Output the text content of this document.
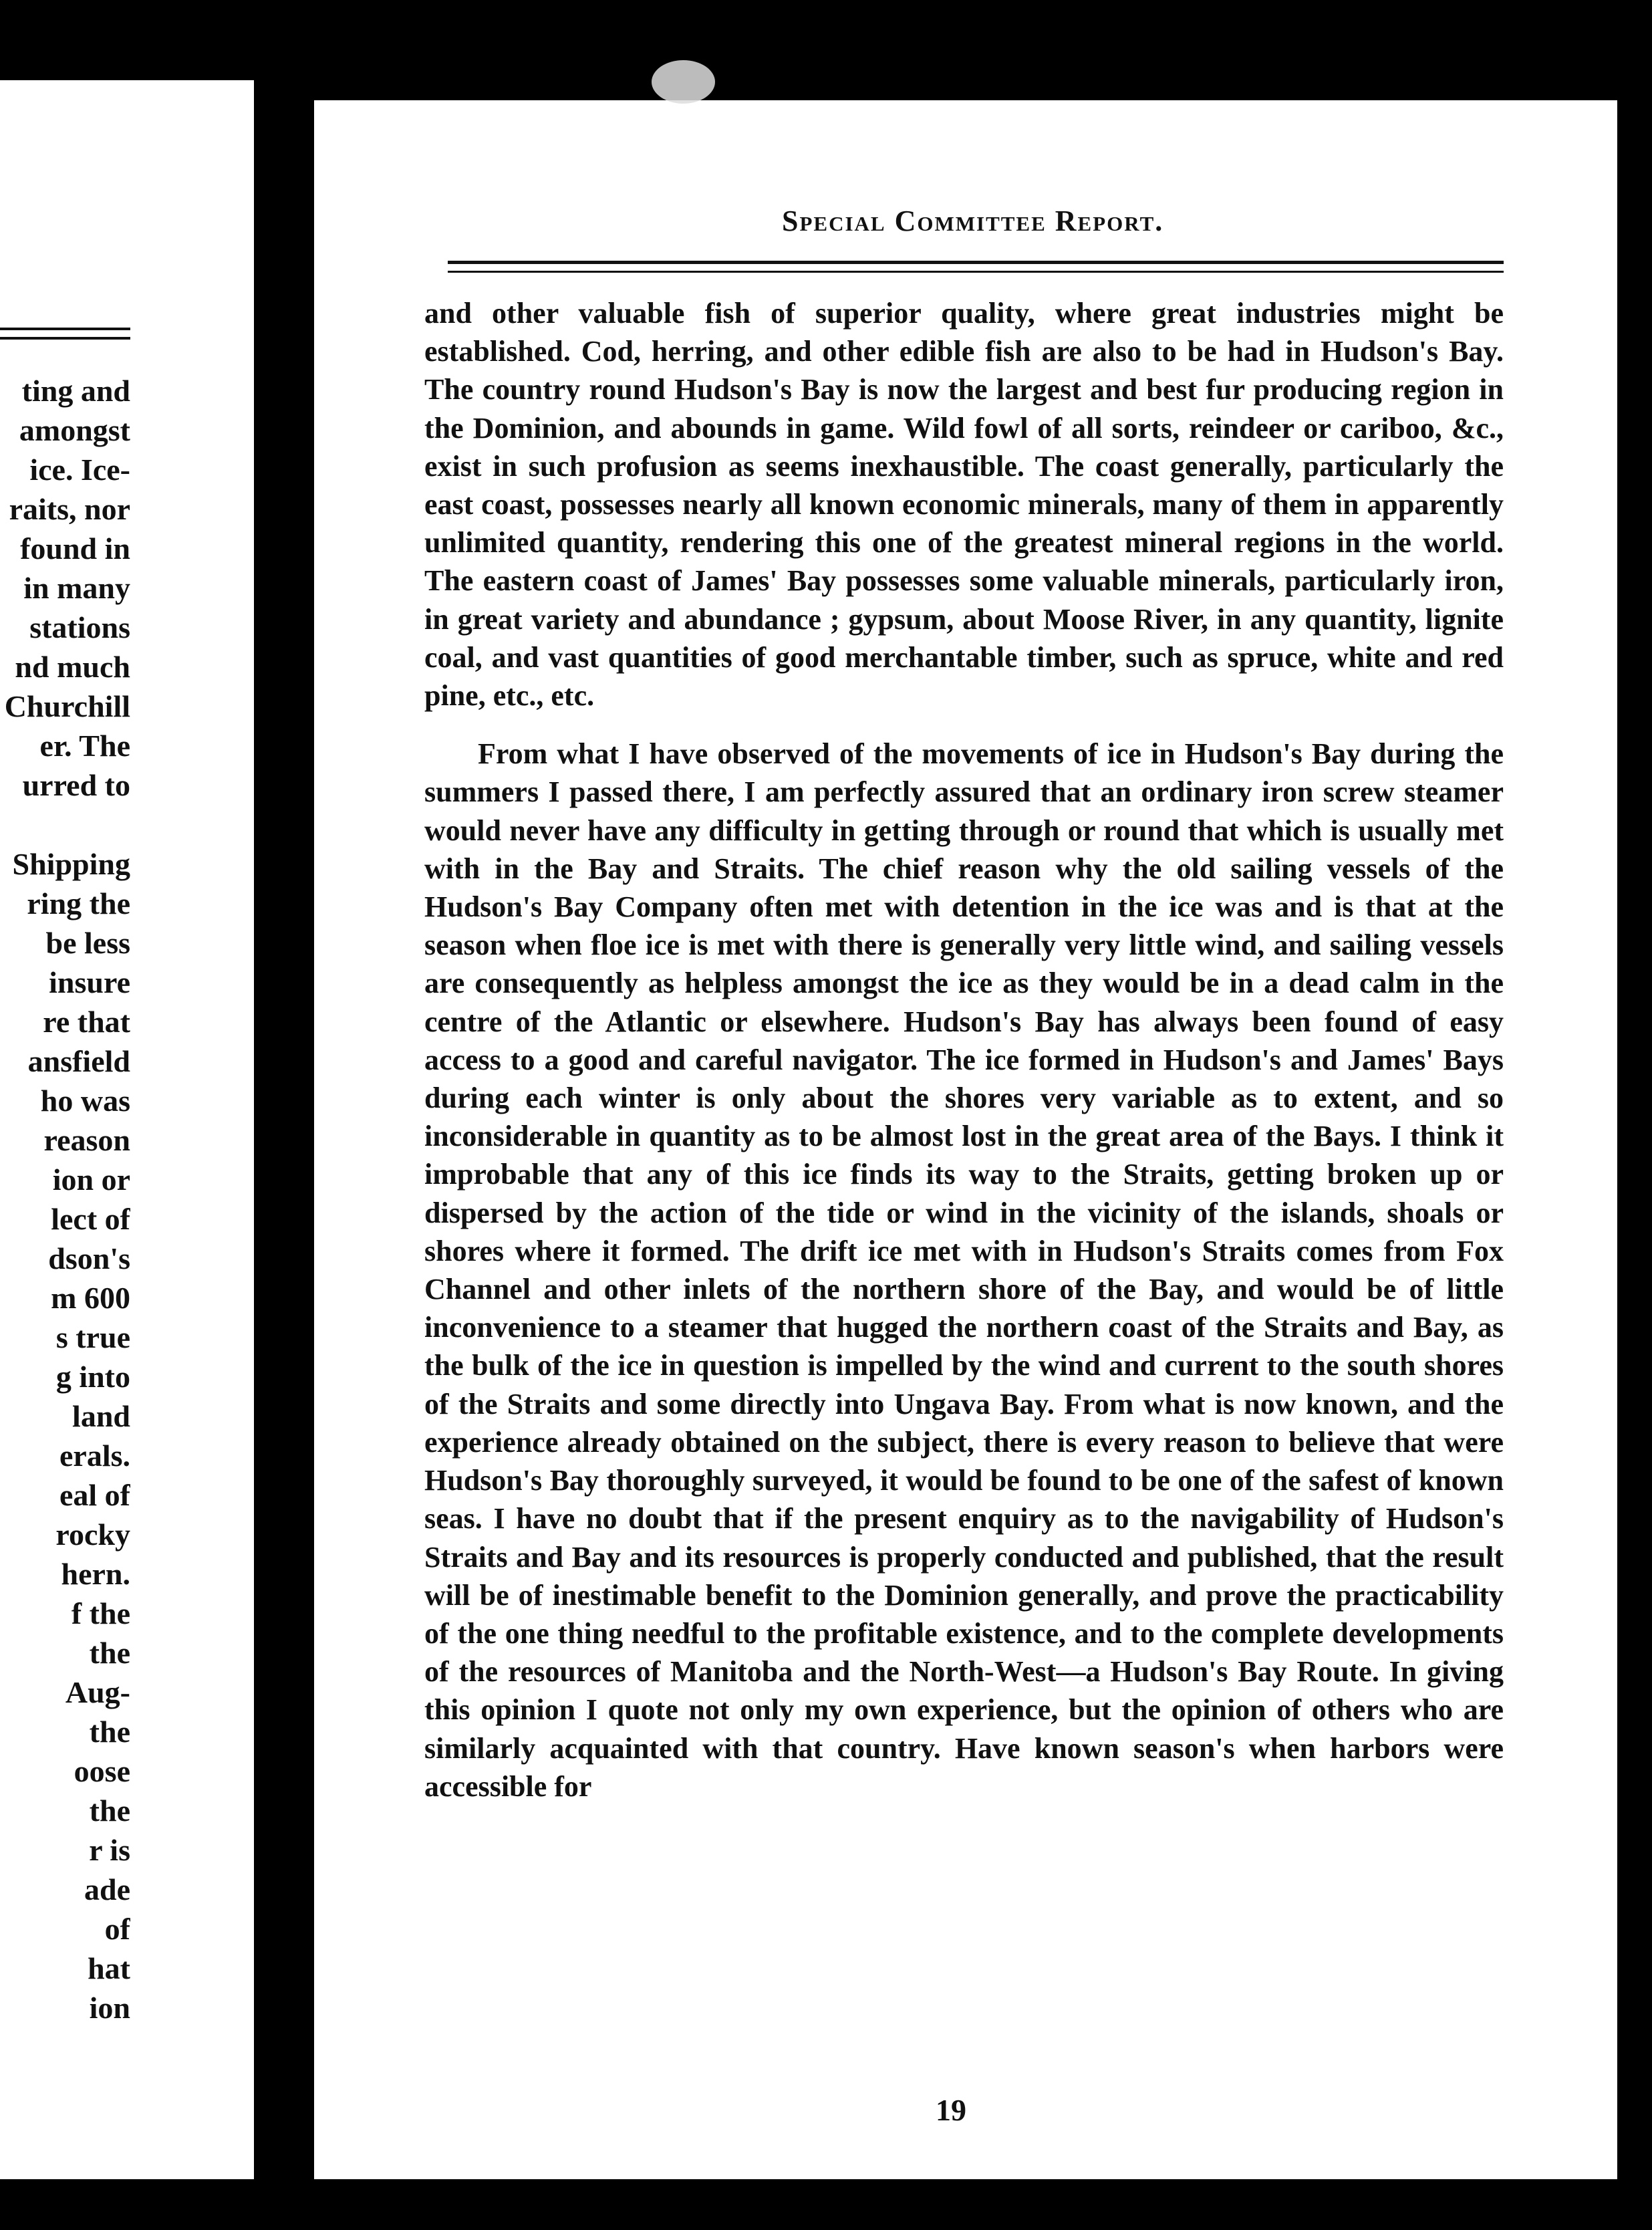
ting and
amongst
ice. Ice-
raits, nor
found in
in many
stations
nd much
Churchill
er. The
urred to
Shipping
ring the
be less
insure
re that
ansfield
ho was
reason
ion or
lect of
dson's
m 600
s true
g into
land
erals.
eal of
rocky
hern.
f the
the
Aug-
the
oose
the
r is
ade
of
hat
ion
Special Committee Report.

and other valuable fish of superior quality, where great industries might be established. Cod, herring, and other edible fish are also to be had in Hudson's Bay. The country round Hudson's Bay is now the largest and best fur producing region in the Dominion, and abounds in game. Wild fowl of all sorts, reindeer or cariboo, &c., exist in such profusion as seems inexhaustible. The coast generally, particularly the east coast, possesses nearly all known economic minerals, many of them in apparently unlimited quantity, rendering this one of the greatest mineral regions in the world. The eastern coast of James' Bay possesses some valuable minerals, particularly iron, in great variety and abundance ; gypsum, about Moose River, in any quantity, lignite coal, and vast quantities of good merchantable timber, such as spruce, white and red pine, etc., etc.

From what I have observed of the movements of ice in Hudson's Bay during the summers I passed there, I am perfectly assured that an ordinary iron screw steamer would never have any difficulty in getting through or round that which is usually met with in the Bay and Straits. The chief reason why the old sailing vessels of the Hudson's Bay Company often met with detention in the ice was and is that at the season when floe ice is met with there is generally very little wind, and sailing vessels are consequently as helpless amongst the ice as they would be in a dead calm in the centre of the Atlantic or elsewhere. Hudson's Bay has always been found of easy access to a good and careful navigator. The ice formed in Hudson's and James' Bays during each winter is only about the shores very variable as to extent, and so inconsiderable in quantity as to be almost lost in the great area of the Bays. I think it improbable that any of this ice finds its way to the Straits, getting broken up or dispersed by the action of the tide or wind in the vicinity of the islands, shoals or shores where it formed. The drift ice met with in Hudson's Straits comes from Fox Channel and other inlets of the northern shore of the Bay, and would be of little inconvenience to a steamer that hugged the northern coast of the Straits and Bay, as the bulk of the ice in question is impelled by the wind and current to the south shores of the Straits and some directly into Ungava Bay. From what is now known, and the experience already obtained on the subject, there is every reason to believe that were Hudson's Bay thoroughly surveyed, it would be found to be one of the safest of known seas. I have no doubt that if the present enquiry as to the navigability of Hudson's Straits and Bay and its resources is properly conducted and published, that the result will be of inestimable benefit to the Dominion generally, and prove the practicability of the one thing needful to the profitable existence, and to the complete developments of the resources of Manitoba and the North-West—a Hudson's Bay Route. In giving this opinion I quote not only my own experience, but the opinion of others who are similarly acquainted with that country. Have known season's when harbors were accessible for

19
